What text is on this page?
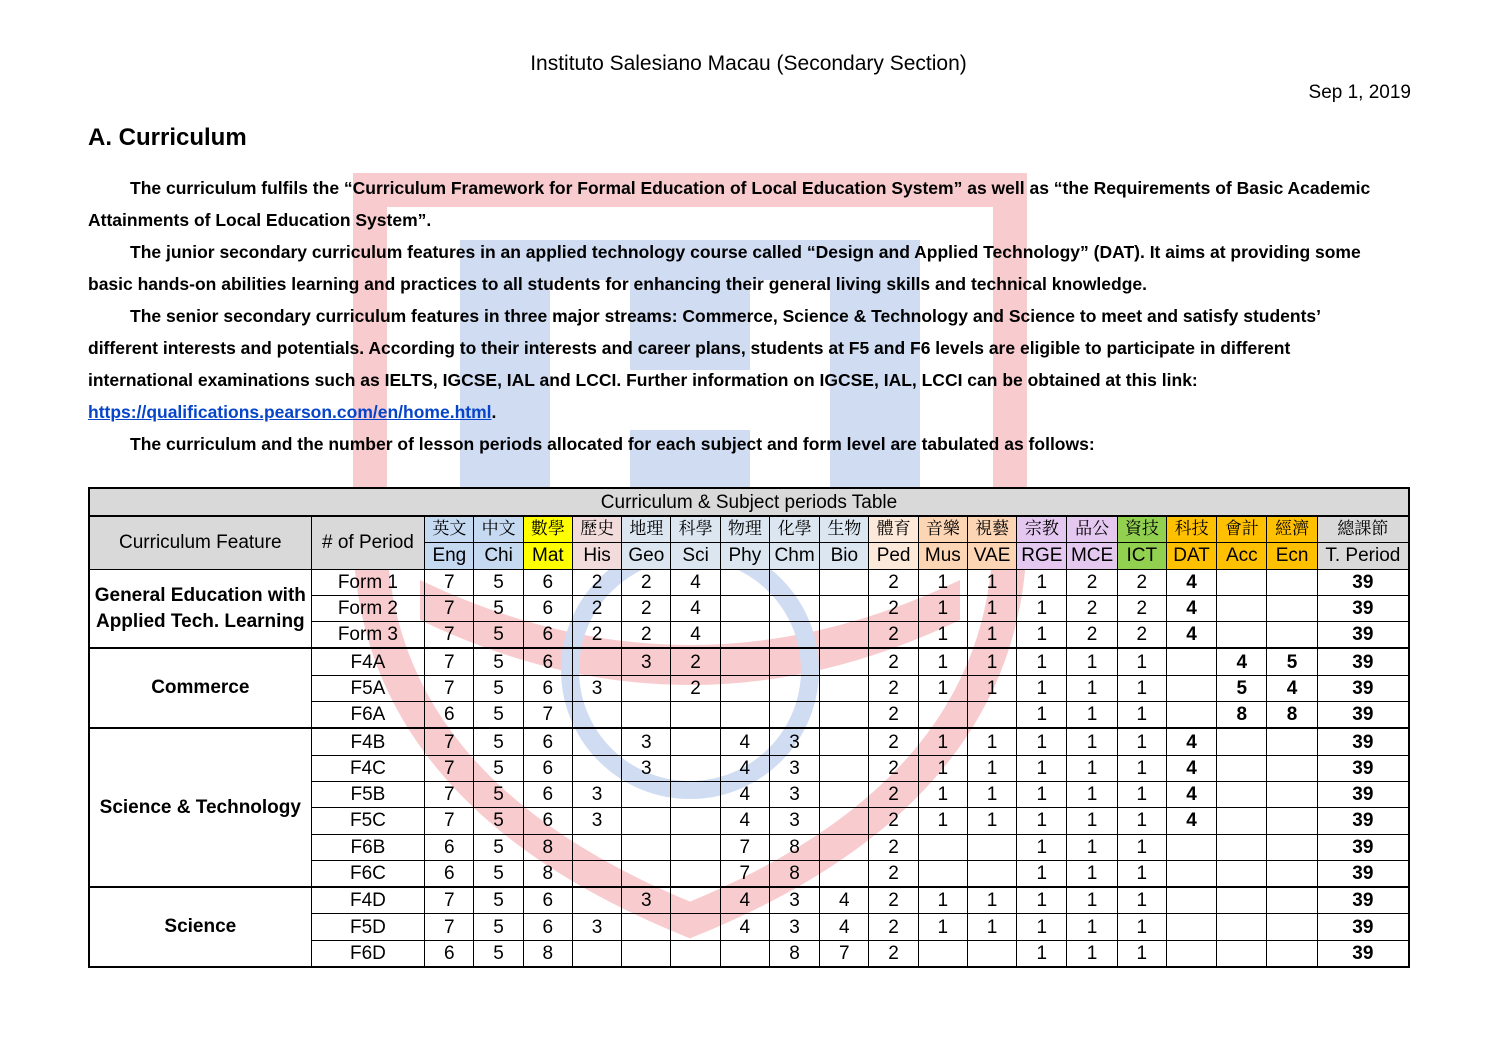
Instituto Salesiano Macau (Secondary Section)
Sep 1, 2019
A. Curriculum

The curriculum fulfils the “Curriculum Framework for Formal Education of Local Education System” as well as “the Requirements of Basic Academic Attainments of Local Education System”.

The junior secondary curriculum features in an applied technology course called “Design and Applied Technology” (DAT). It aims at providing some basic hands-on abilities learning and practices to all students for enhancing their general living skills and technical knowledge.

The senior secondary curriculum features in three major streams: Commerce, Science & Technology and Science to meet and satisfy students’ different interests and potentials. According to their interests and career plans, students at F5 and F6 levels are eligible to participate in different international examinations such as IELTS, IGCSE, IAL and LCCI. Further information on IGCSE, IAL, LCCI can be obtained at this link: https://qualifications.pearson.com/en/home.html.

The curriculum and the number of lesson periods allocated for each subject and form level are tabulated as follows:

Curriculum & Subject periods Table																				
Curriculum Feature	# of Period	英文	中文	數學	歷史	地理	科學	物理	化學	生物	體育	音樂	視藝	宗教	品公	資技	科技	會計	經濟	總課節
		Eng	Chi	Mat	His	Geo	Sci	Phy	Chm	Bio	Ped	Mus	VAE	RGE	MCE	ICT	DAT	Acc	Ecn	T. Period
General Education with Applied Tech. Learning	Form 1	7	5	6	2	2	4				2	1	1	1	2	2	4			39
	Form 2	7	5	6	2	2	4				2	1	1	1	2	2	4			39
	Form 3	7	5	6	2	2	4				2	1	1	1	2	2	4			39
Commerce	F4A	7	5	6		3	2				2	1	1	1	1	1		4	5	39
	F5A	7	5	6	3		2				2	1	1	1	1	1		5	4	39
	F6A	6	5	7							2			1	1	1		8	8	39
Science & Technology	F4B	7	5	6		3		4	3		2	1	1	1	1	1	4			39
	F4C	7	5	6		3		4	3		2	1	1	1	1	1	4			39
	F5B	7	5	6	3			4	3		2	1	1	1	1	1	4			39
	F5C	7	5	6	3			4	3		2	1	1	1	1	1	4			39
	F6B	6	5	8				7	8		2			1	1	1				39
	F6C	6	5	8				7	8		2			1	1	1				39
Science	F4D	7	5	6		3		4	3	4	2	1	1	1	1	1				39
	F5D	7	5	6	3			4	3	4	2	1	1	1	1	1				39
	F6D	6	5	8					8	7	2			1	1	1				39
